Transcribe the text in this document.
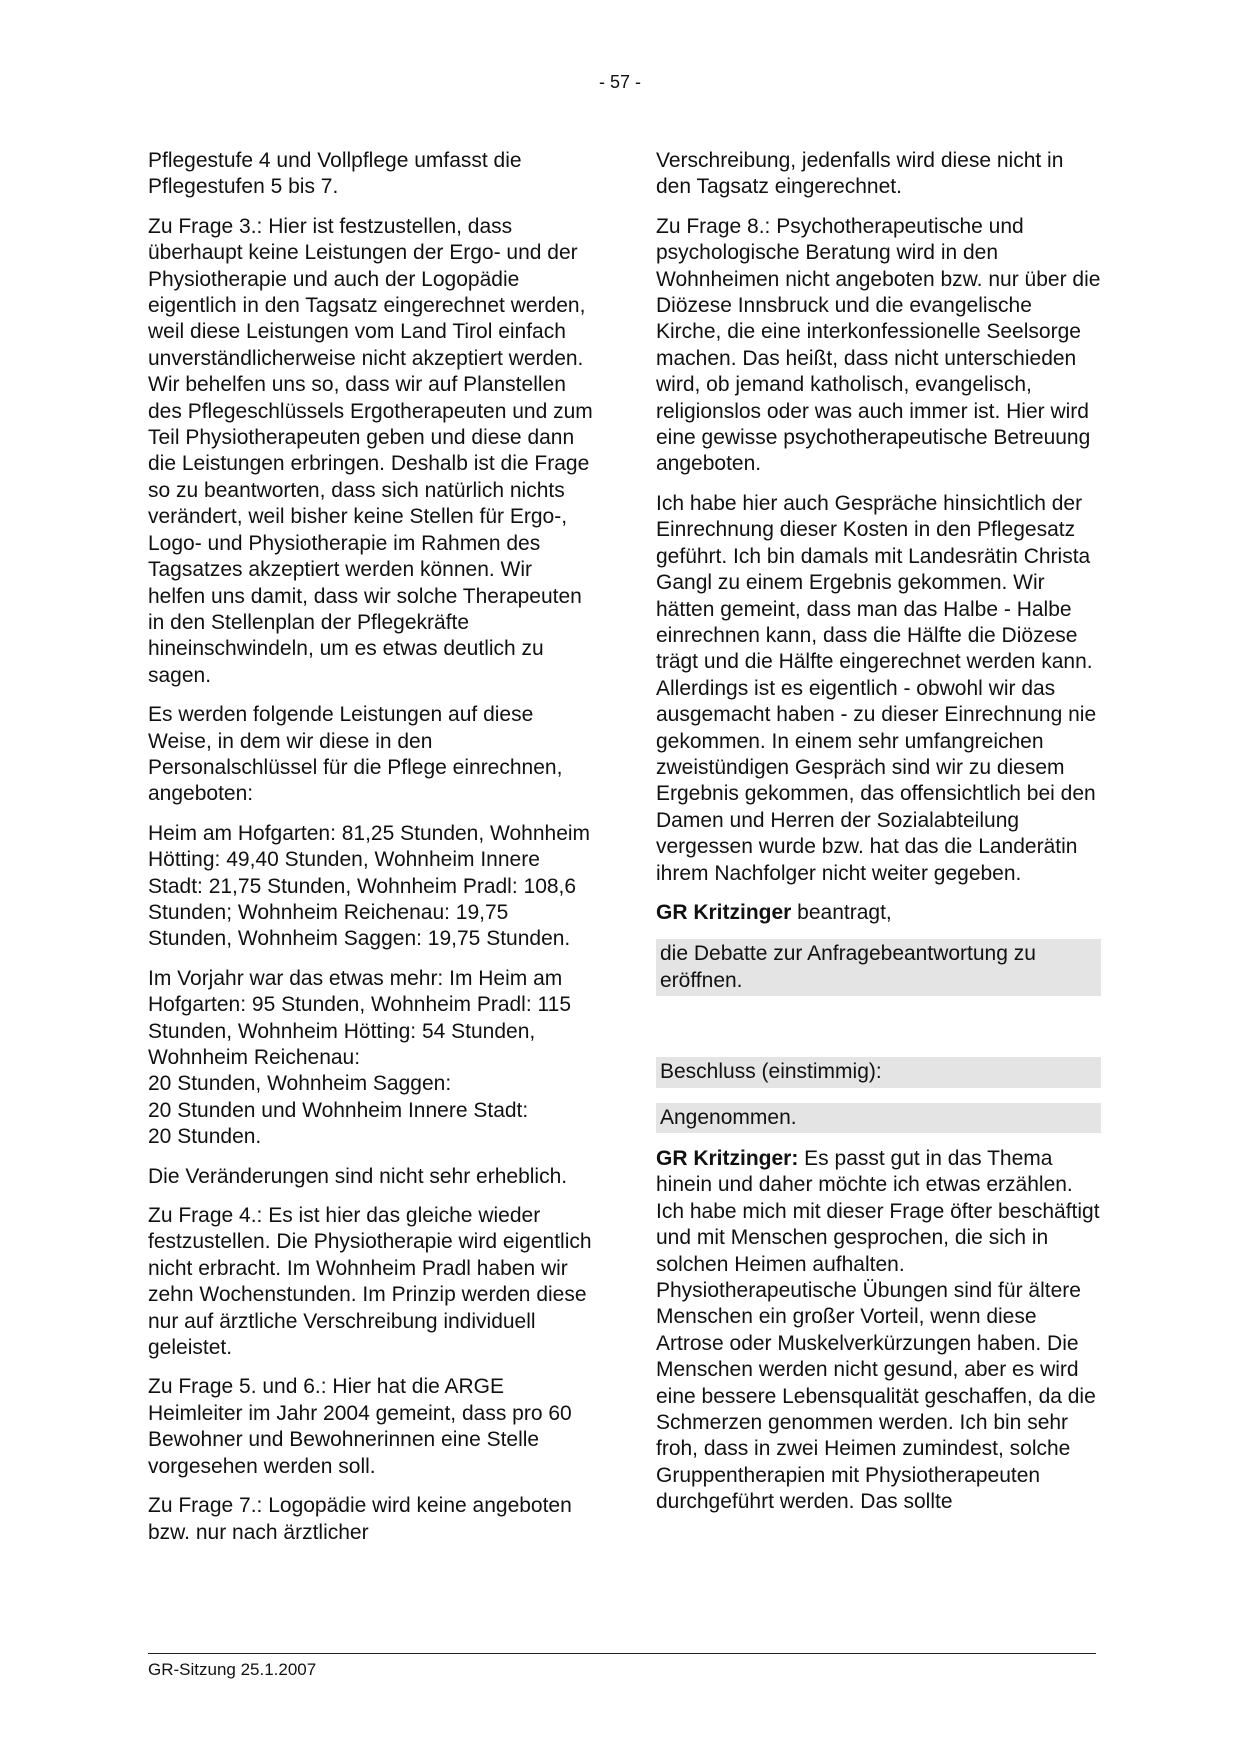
- 57 -

Pflegestufe 4 und Vollpflege umfasst die Pflegestufen 5 bis 7.

Zu Frage 3.: Hier ist festzustellen, dass überhaupt keine Leistungen der Ergo- und der Physiotherapie und auch der Logopädie eigentlich in den Tagsatz eingerechnet werden, weil diese Leistungen vom Land Tirol einfach unverständlicherweise nicht akzeptiert werden. Wir behelfen uns so, dass wir auf Planstellen des Pflegeschlüssels Ergotherapeuten und zum Teil Physiotherapeuten geben und diese dann die Leistungen erbringen. Deshalb ist die Frage so zu beantworten, dass sich natürlich nichts verändert, weil bisher keine Stellen für Ergo-, Logo- und Physiotherapie im Rahmen des Tagsatzes akzeptiert werden können. Wir helfen uns damit, dass wir solche Therapeuten in den Stellenplan der Pflegekräfte hineinschwindeln, um es etwas deutlich zu sagen.

Es werden folgende Leistungen auf diese Weise, in dem wir diese in den Personalschlüssel für die Pflege einrechnen, angeboten:

Heim am Hofgarten: 81,25 Stunden, Wohnheim Hötting: 49,40 Stunden, Wohnheim Innere Stadt: 21,75 Stunden, Wohnheim Pradl: 108,6 Stunden; Wohnheim Reichenau: 19,75 Stunden, Wohnheim Saggen: 19,75 Stunden.

Im Vorjahr war das etwas mehr: Im Heim am Hofgarten: 95 Stunden, Wohnheim Pradl: 115 Stunden, Wohnheim Hötting: 54 Stunden, Wohnheim Reichenau:
20 Stunden, Wohnheim Saggen:
20 Stunden und Wohnheim Innere Stadt:
20 Stunden.

Die Veränderungen sind nicht sehr erheblich.

Zu Frage 4.: Es ist hier das gleiche wieder festzustellen. Die Physiotherapie wird eigentlich nicht erbracht. Im Wohnheim Pradl haben wir zehn Wochenstunden. Im Prinzip werden diese nur auf ärztliche Verschreibung individuell geleistet.

Zu Frage 5. und 6.: Hier hat die ARGE Heimleiter im Jahr 2004 gemeint, dass pro 60 Bewohner und Bewohnerinnen eine Stelle vorgesehen werden soll.

Zu Frage 7.: Logopädie wird keine angeboten bzw. nur nach ärztlicher

Verschreibung, jedenfalls wird diese nicht in den Tagsatz eingerechnet.

Zu Frage 8.: Psychotherapeutische und psychologische Beratung wird in den Wohnheimen nicht angeboten bzw. nur über die Diözese Innsbruck und die evangelische Kirche, die eine interkonfessionelle Seelsorge machen. Das heißt, dass nicht unterschieden wird, ob jemand katholisch, evangelisch, religionslos oder was auch immer ist. Hier wird eine gewisse psychotherapeutische Betreuung angeboten.

Ich habe hier auch Gespräche hinsichtlich der Einrechnung dieser Kosten in den Pflegesatz geführt. Ich bin damals mit Landesrätin Christa Gangl zu einem Ergebnis gekommen. Wir hätten gemeint, dass man das Halbe - Halbe einrechnen kann, dass die Hälfte die Diözese trägt und die Hälfte eingerechnet werden kann. Allerdings ist es eigentlich - obwohl wir das ausgemacht haben - zu dieser Einrechnung nie gekommen. In einem sehr umfangreichen zweistündigen Gespräch sind wir zu diesem Ergebnis gekommen, das offensichtlich bei den Damen und Herren der Sozialabteilung vergessen wurde bzw. hat das die Landerätin ihrem Nachfolger nicht weiter gegeben.

GR Kritzinger beantragt,

die Debatte zur Anfragebeantwortung zu eröffnen.

Beschluss (einstimmig):

Angenommen.

GR Kritzinger: Es passt gut in das Thema hinein und daher möchte ich etwas erzählen. Ich habe mich mit dieser Frage öfter beschäftigt und mit Menschen gesprochen, die sich in solchen Heimen aufhalten. Physiotherapeutische Übungen sind für ältere Menschen ein großer Vorteil, wenn diese Artrose oder Muskelverkürzungen haben. Die Menschen werden nicht gesund, aber es wird eine bessere Lebensqualität geschaffen, da die Schmerzen genommen werden. Ich bin sehr froh, dass in zwei Heimen zumindest, solche Gruppentherapien mit Physiotherapeuten durchgeführt werden. Das sollte

GR-Sitzung 25.1.2007
